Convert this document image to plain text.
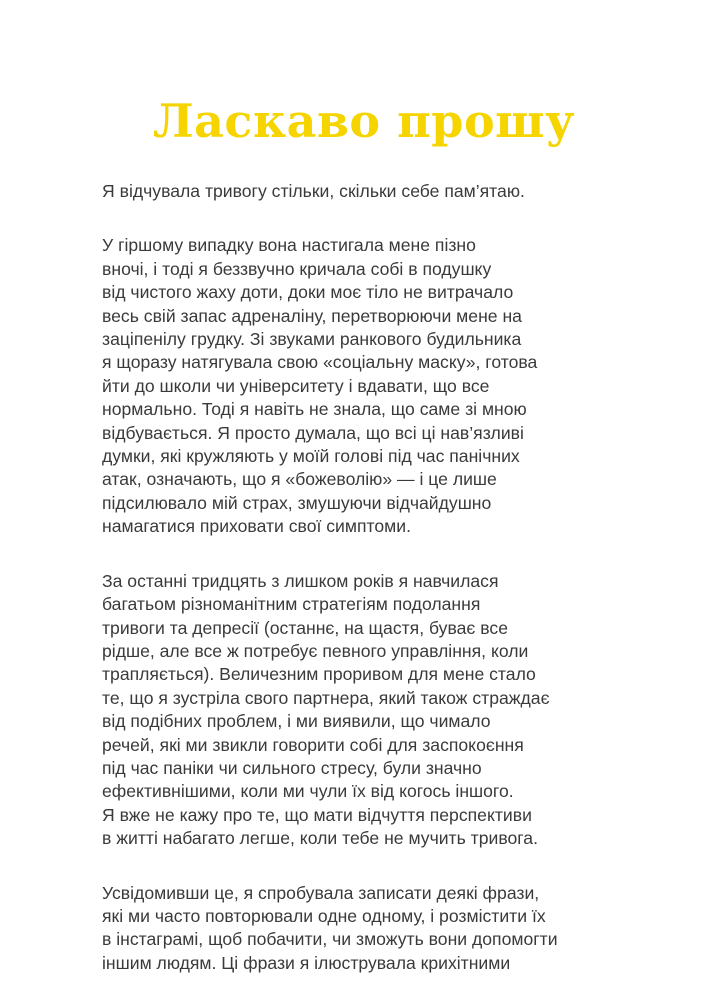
Ласкаво прошу

Я відчувала тривогу стільки, скільки себе пам’ятаю.

У гіршому випадку вона настигала мене пізно
вночі, і тоді я беззвучно кричала собі в подушку
від чистого жаху доти, доки моє тіло не витрачало
весь свій запас адреналіну, перетворюючи мене на
заціпенілу грудку. Зі звуками ранкового будильника
я щоразу натягувала свою «соціальну маску», готова
йти до школи чи університету і вдавати, що все
нормально. Тоді я навіть не знала, що саме зі мною
відбувається. Я просто думала, що всі ці нав’язливі
думки, які кружляють у моїй голові під час панічних
атак, означають, що я «божеволію» — і це лише
підсилювало мій страх, змушуючи відчайдушно
намагатися приховати свої симптоми.

За останні тридцять з лишком років я навчилася
багатьом різноманітним стратегіям подолання
тривоги та депресії (останнє, на щастя, буває все
рідше, але все ж потребує певного управління, коли
трапляється). Величезним проривом для мене стало
те, що я зустріла свого партнера, який також страждає
від подібних проблем, і ми виявили, що чимало
речей, які ми звикли говорити собі для заспокоєння
під час паніки чи сильного стресу, були значно
ефективнішими, коли ми чули їх від когось іншого.
Я вже не кажу про те, що мати відчуття перспективи
в житті набагато легше, коли тебе не мучить тривога.

Усвідомивши це, я спробувала записати деякі фрази,
які ми часто повторювали одне одному, і розмістити їх
в інстаграмі, щоб побачити, чи зможуть вони допомогти
іншим людям. Ці фрази я ілюструвала крихітними
